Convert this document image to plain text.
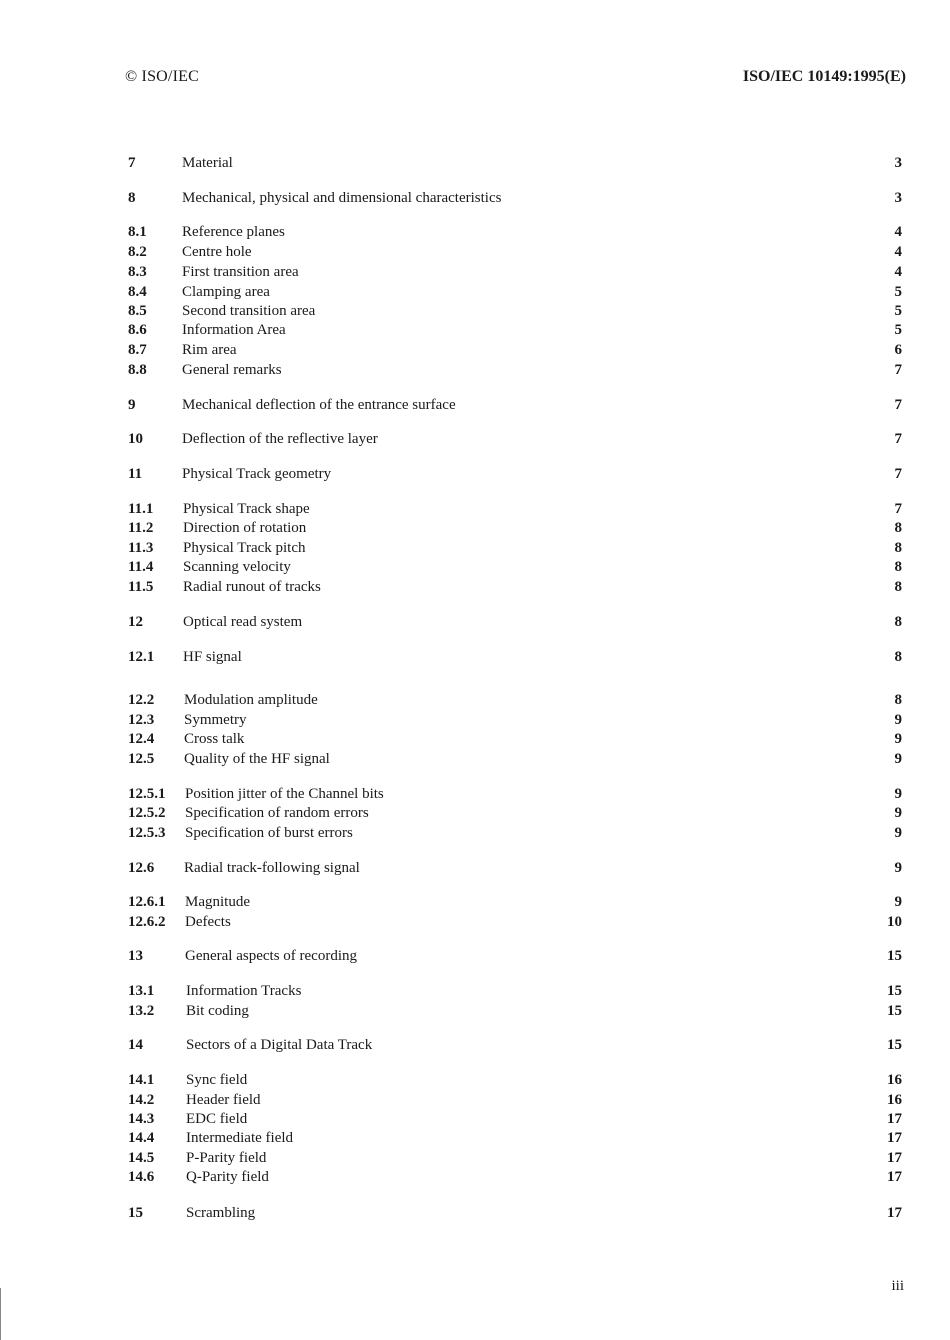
© ISO/IEC	ISO/IEC 10149:1995(E)
7	Material	3
8	Mechanical, physical and dimensional characteristics	3
8.1 Reference planes	4
8.2 Centre hole	4
8.3 First transition area	4
8.4 Clamping area	5
8.5 Second transition area	5
8.6 Information Area	5
8.7 Rim area	6
8.8 General remarks	7
9	Mechanical deflection of the entrance surface	7
10	Deflection of the reflective layer	7
11	Physical Track geometry	7
11.1 Physical Track shape	7
11.2 Direction of rotation	8
11.3 Physical Track pitch	8
11.4 Scanning velocity	8
11.5 Radial runout of tracks	8
12	Optical read system	8
12.1 HF signal	8
12.2 Modulation amplitude	8
12.3 Symmetry	9
12.4 Cross talk	9
12.5 Quality of the HF signal	9
12.5.1 Position jitter of the Channel bits	9
12.5.2 Specification of random errors	9
12.5.3 Specification of burst errors	9
12.6 Radial track-following signal	9
12.6.1 Magnitude	9
12.6.2 Defects	10
13	General aspects of recording	15
13.1 Information Tracks	15
13.2 Bit coding	15
14	Sectors of a Digital Data Track	15
14.1 Sync field	16
14.2 Header field	16
14.3 EDC field	17
14.4 Intermediate field	17
14.5 P-Parity field	17
14.6 Q-Parity field	17
15	Scrambling	17
iii
